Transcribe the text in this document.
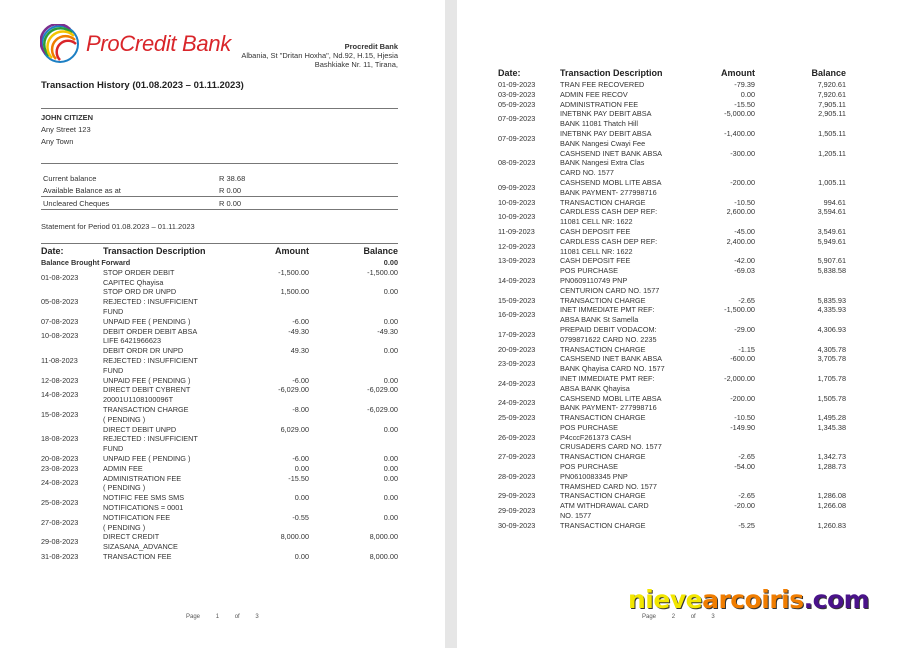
ProCredit Bank	Procredit Bank
Albania, St "Dritan Hoxha", Nd.92, H.15, Hjesia
Bashkiake Nr. 11, Tirana,
Transaction History (01.08.2023 – 01.11.2023)
JOHN CITIZEN
Any Street 123
Any Town
Current balance	R 38.68
Available Balance as at	R 0.00
Uncleared Cheques	R 0.00
Statement for Period 01.08.2023 – 01.11.2023
Date:	Transaction Description	Amount	Balance
Balance Brought Forward			0.00
01-08-2023	STOP ORDER DEBIT
CAPITEC Qhayisa	-1,500.00	-1,500.00
05-08-2023	STOP ORD DR UNPD
REJECTED : INSUFFICIENT
FUND	1,500.00	0.00
07-08-2023	UNPAID FEE ( PENDING )	-6.00	0.00
10-08-2023	DEBIT ORDER DEBIT ABSA
LIFE 6421966623	-49.30	-49.30
11-08-2023	DEBIT ORDR DR UNPD
REJECTED : INSUFFICIENT
FUND	49.30	0.00
12-08-2023	UNPAID FEE ( PENDING )	-6.00	0.00
14-08-2023	DIRECT DEBIT CYBRENT
20001U1108100096T	-6,029.00	-6,029.00
15-08-2023	TRANSACTION CHARGE
( PENDING )	-8.00	-6,029.00
18-08-2023	DIRECT DEBIT UNPD
REJECTED : INSUFFICIENT
FUND	6,029.00	0.00
20-08-2023	UNPAID FEE ( PENDING )	-6.00	0.00
23-08-2023	ADMIN FEE	0.00	0.00
24-08-2023	ADMINISTRATION FEE
( PENDING )	-15.50	0.00
25-08-2023	NOTIFIC FEE SMS SMS
NOTIFICATIONS = 0001	0.00	0.00
27-08-2023	NOTIFICATION FEE
( PENDING )	-0.55	0.00
29-08-2023	DIRECT CREDIT
SIZASANA_ADVANCE	8,000.00	8,000.00
31-08-2023	TRANSACTION FEE	0.00	8,000.00
Page	1	of	3
Date:	Transaction Description	Amount	Balance
01-09-2023	TRAN FEE RECOVERED	-79.39	7,920.61
03-09-2023	ADMIN FEE RECOV	0.00	7,920.61
05-09-2023	ADMINISTRATION FEE	-15.50	7,905.11
07-09-2023	INETBNK PAY DEBIT ABSA
BANK 11081 Thatch Hill	-5,000.00	2,905.11
07-09-2023	INETBNK PAY DEBIT ABSA
BANK Nangesi Cwayi Fee	-1,400.00	1,505.11
08-09-2023	CASHSEND INET BANK ABSA
BANK Nangesi Extra Clas
CARD NO. 1577	-300.00	1,205.11
09-09-2023	CASHSEND MOBL LITE ABSA
BANK PAYMENT- 277998716	-200.00	1,005.11
10-09-2023	TRANSACTION CHARGE	-10.50	994.61
10-09-2023	CARDLESS CASH DEP REF:
11081 CELL NR: 1622	2,600.00	3,594.61
11-09-2023	CASH DEPOSIT FEE	-45.00	3,549.61
12-09-2023	CARDLESS CASH DEP REF:
11081 CELL NR: 1622	2,400.00	5,949.61
13-09-2023	CASH DEPOSIT FEE	-42.00	5,907.61
14-09-2023	POS PURCHASE
PN0609110749 PNP
CENTURION CARD NO. 1577	-69.03	5,838.58
15-09-2023	TRANSACTION CHARGE	-2.65	5,835.93
16-09-2023	INET IMMEDIATE PMT REF:
ABSA BANK St Samella	-1,500.00	4,335.93
17-09-2023	PREPAID DEBIT VODACOM:
0799871622 CARD NO. 2235	-29.00	4,306.93
20-09-2023	TRANSACTION CHARGE	-1.15	4,305.78
23-09-2023	CASHSEND INET BANK ABSA
BANK Qhayisa CARD NO. 1577	-600.00	3,705.78
24-09-2023	INET IMMEDIATE PMT REF:
ABSA BANK Qhayisa	-2,000.00	1,705.78
24-09-2023	CASHSEND MOBL LITE ABSA
BANK PAYMENT- 277998716	-200.00	1,505.78
25-09-2023	TRANSACTION CHARGE	-10.50	1,495.28
26-09-2023	POS PURCHASE
P4cccF261373 CASH
CRUSADERS CARD NO. 1577	-149.90	1,345.38
27-09-2023	TRANSACTION CHARGE	-2.65	1,342.73
28-09-2023	POS PURCHASE
PN0610083345 PNP
TRAMSHED CARD NO. 1577	-54.00	1,288.73
29-09-2023	TRANSACTION CHARGE	-2.65	1,286.08
29-09-2023	ATM WITHDRAWAL CARD
NO. 1577	-20.00	1,266.08
30-09-2023	TRANSACTION CHARGE	-5.25	1,260.83
Page	2	of	3
nievearcoiris.com
